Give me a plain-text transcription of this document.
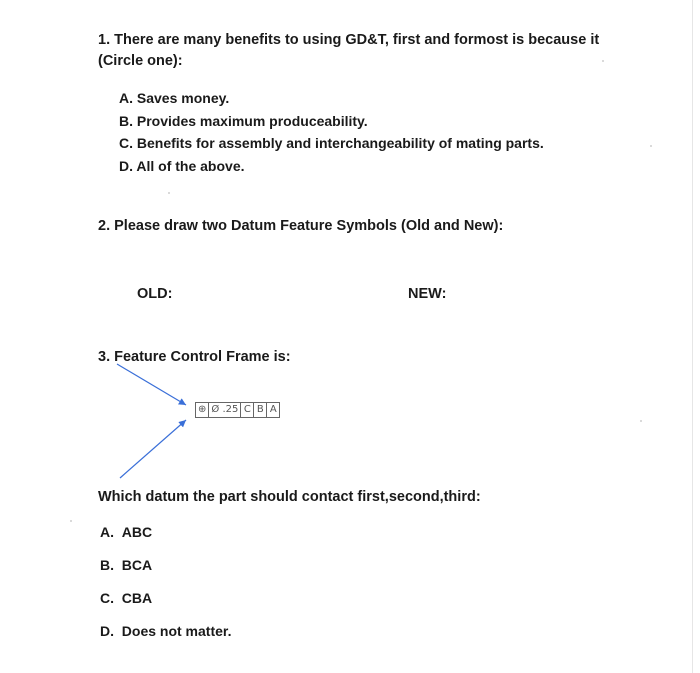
1. There are many benefits to using GD&T, first and formost is because it (Circle one):
A. Saves money.
B. Provides maximum produceability.
C. Benefits for assembly and interchangeability of mating parts.
D. All of the above.
2. Please draw two Datum Feature Symbols (Old and New):
OLD:	NEW:
3. Feature Control Frame is:
⊕ Ø .25 C B A
Which datum the part should contact first,second,third:
A. ABC
B. BCA
C. CBA
D. Does not matter.
